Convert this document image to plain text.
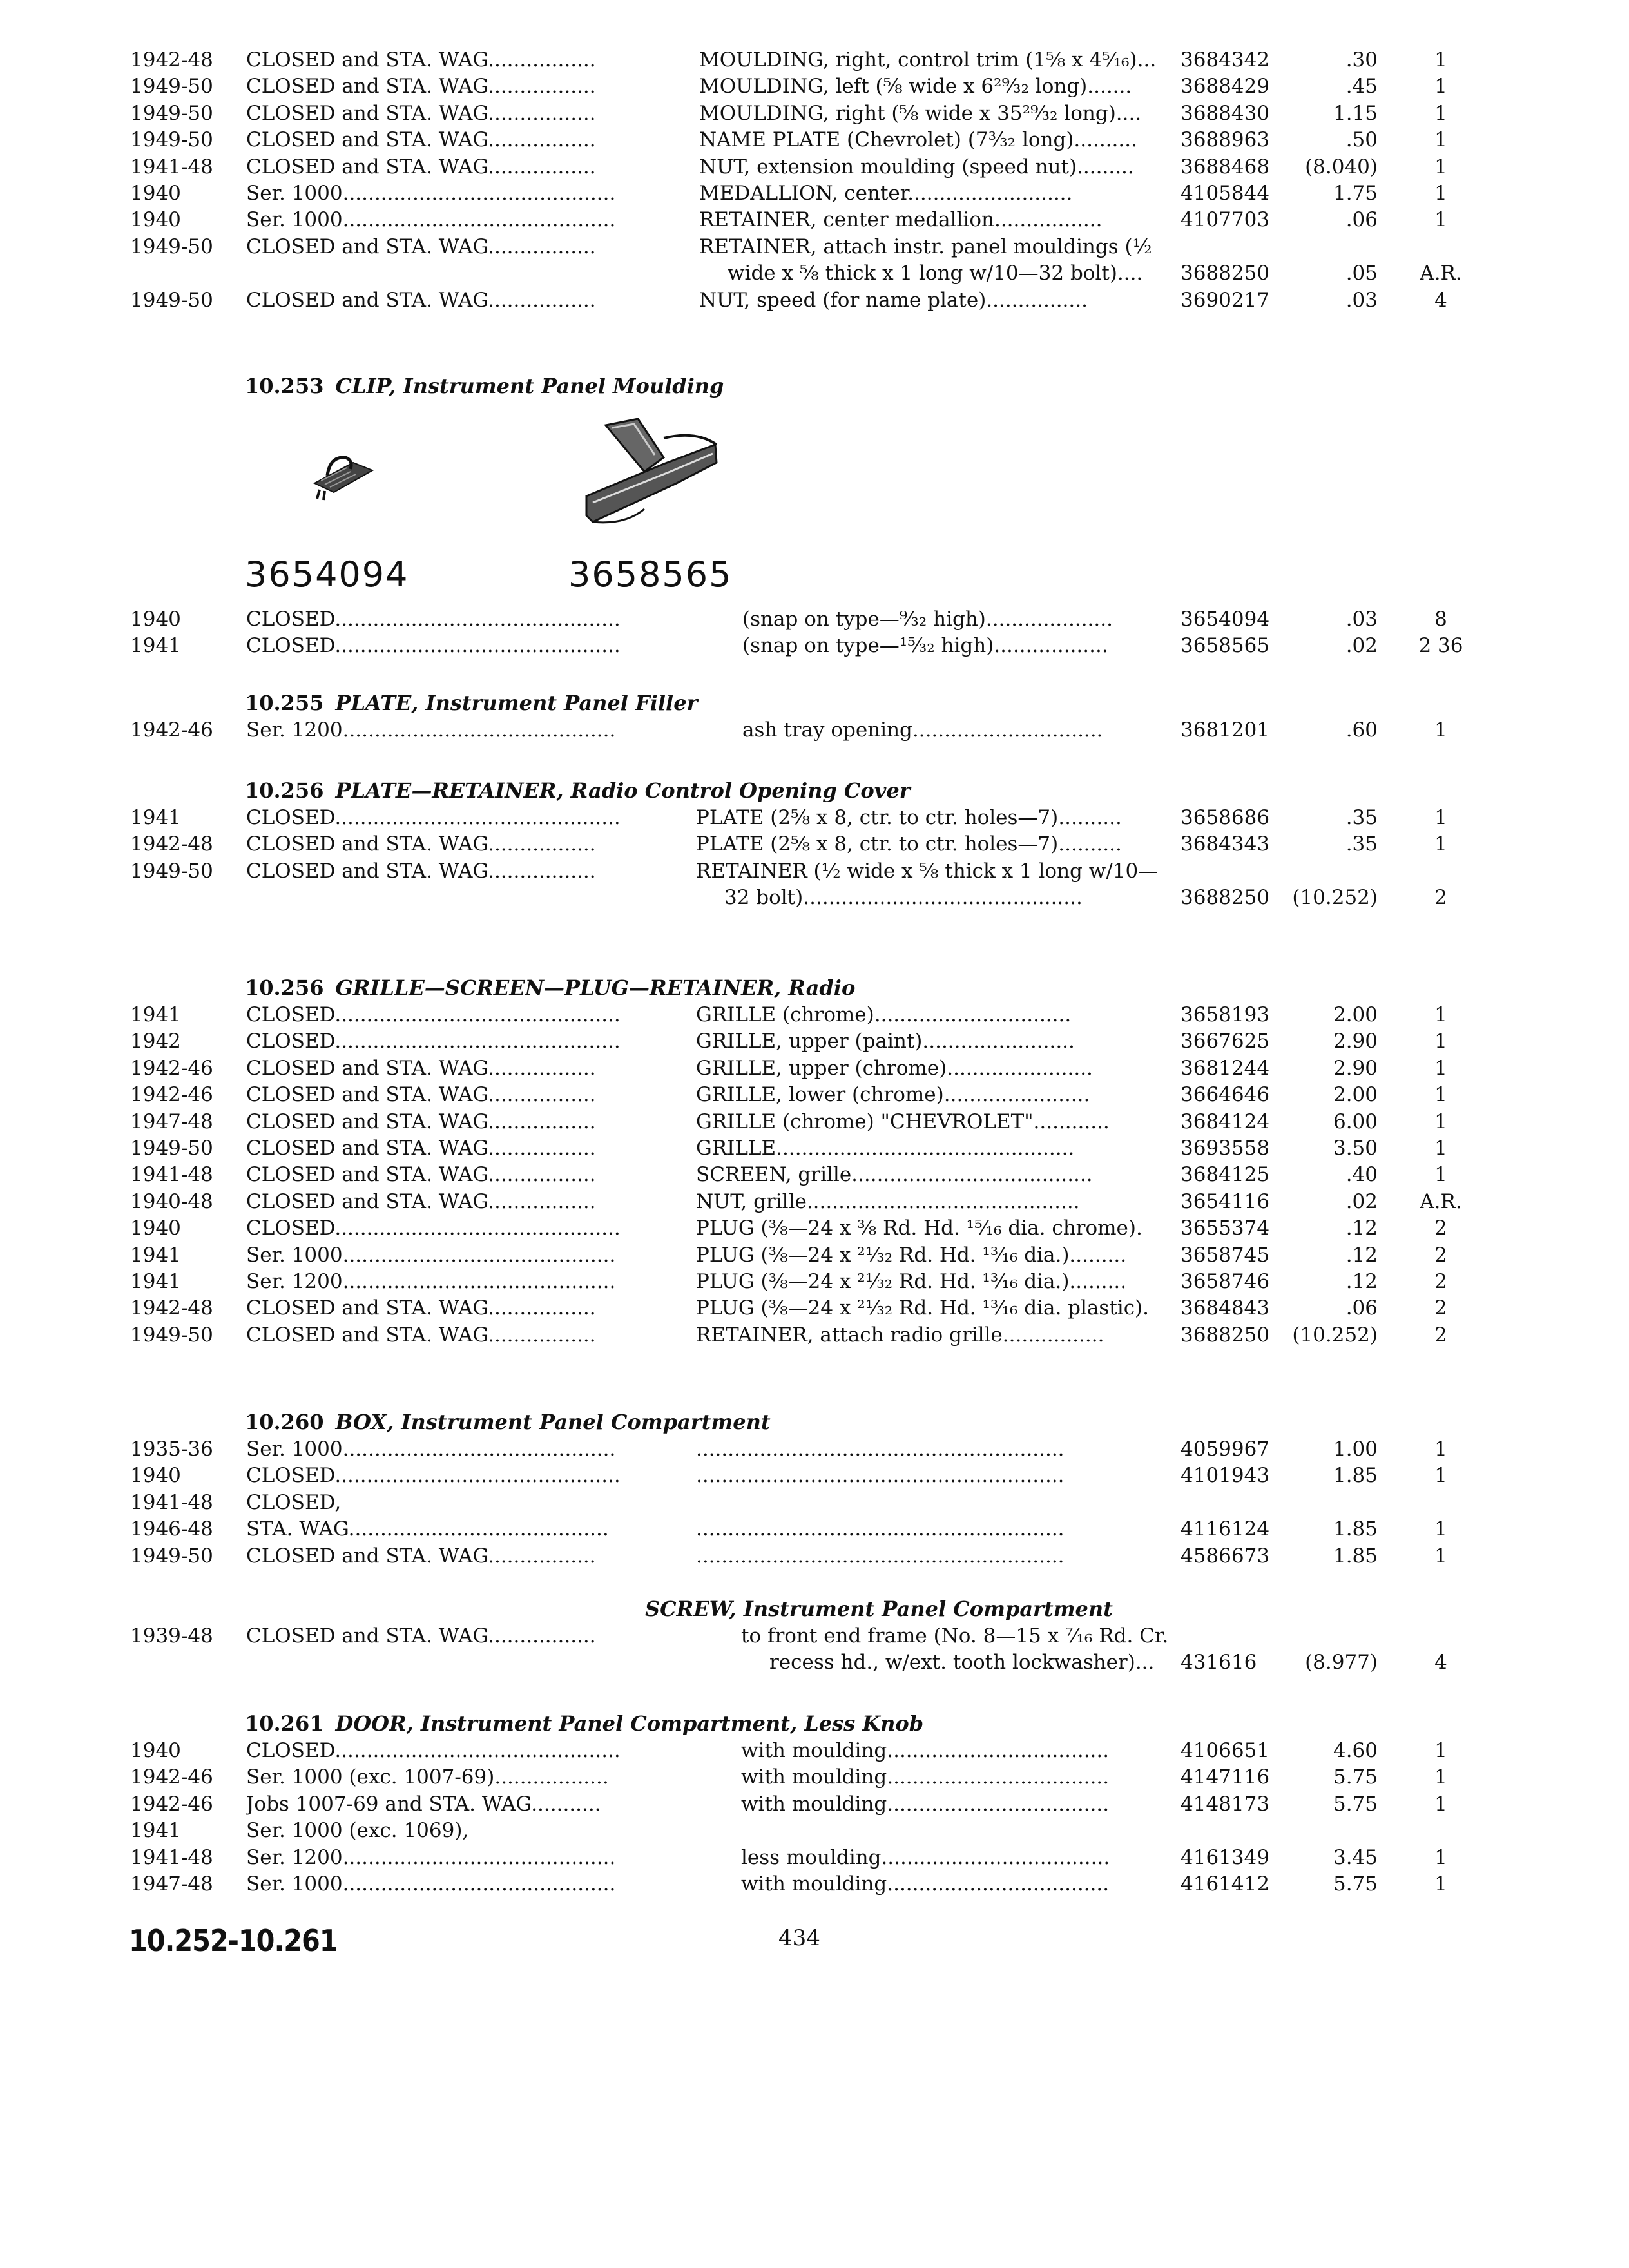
1942-48 CLOSED and STA. WAG.................	MOULDING, right, control trim (1⅝ x 4⁵⁄₁₆)...	3684342	.30	1
1949-50 CLOSED and STA. WAG.................	MOULDING, left (⅝ wide x 6²⁹⁄₃₂ long).......	3688429	.45	1
1949-50 CLOSED and STA. WAG.................	MOULDING, right (⅝ wide x 35²⁹⁄₃₂ long)....	3688430	1.15	1
1949-50 CLOSED and STA. WAG.................	NAME PLATE (Chevrolet) (7³⁄₃₂ long)..........	3688963	.50	1
1941-48 CLOSED and STA. WAG.................	NUT, extension moulding (speed nut).........	3688468	(8.040)	1
1940	Ser. 1000...........................................	MEDALLION, center..........................	4105844	1.75	1
1940	Ser. 1000...........................................	RETAINER, center medallion.................	4107703	.06	1
1949-50 CLOSED and STA. WAG.................	RETAINER, attach instr. panel mouldings (½
wide x ⅝ thick x 1 long w/10—32 bolt)....	3688250	.05	A.R.
1949-50 CLOSED and STA. WAG.................	NUT, speed (for name plate)................	3690217	.03	4
10.253 CLIP, Instrument Panel Moulding
3654094	3658565
1940	CLOSED.............................................	(snap on type—⁹⁄₃₂ high)....................	3654094	.03	8
1941	CLOSED.............................................	(snap on type—¹⁵⁄₃₂ high)..................	3658565	.02	2 36
10.255 PLATE, Instrument Panel Filler
1942-46 Ser. 1200...........................................	ash tray opening..............................	3681201	.60	1
10.256 PLATE—RETAINER, Radio Control Opening Cover
1941	CLOSED.............................................	PLATE (2⅝ x 8, ctr. to ctr. holes—7)..........	3658686	.35	1
1942-48 CLOSED and STA. WAG.................	PLATE (2⅝ x 8, ctr. to ctr. holes—7)..........	3684343	.35	1
1949-50 CLOSED and STA. WAG.................	RETAINER (½ wide x ⅝ thick x 1 long w/10—
32 bolt)............................................	3688250	(10.252)	2
10.256 GRILLE—SCREEN—PLUG—RETAINER, Radio
1941	CLOSED.............................................	GRILLE (chrome)...............................	3658193	2.00	1
1942	CLOSED.............................................	GRILLE, upper (paint)........................	3667625	2.90	1
1942-46 CLOSED and STA. WAG.................	GRILLE, upper (chrome).......................	3681244	2.90	1
1942-46 CLOSED and STA. WAG.................	GRILLE, lower (chrome).......................	3664646	2.00	1
1947-48 CLOSED and STA. WAG.................	GRILLE (chrome) "CHEVROLET"............	3684124	6.00	1
1949-50 CLOSED and STA. WAG.................	GRILLE...............................................	3693558	3.50	1
1941-48 CLOSED and STA. WAG.................	SCREEN, grille......................................	3684125	.40	1
1940-48 CLOSED and STA. WAG.................	NUT, grille...........................................	3654116	.02	A.R.
1940	CLOSED.............................................	PLUG (⅜—24 x ⅜ Rd. Hd. ¹⁵⁄₁₆ dia. chrome).	3655374	.12	2
1941	Ser. 1000...........................................	PLUG (⅜—24 x ²¹⁄₃₂ Rd. Hd. ¹³⁄₁₆ dia.).........	3658745	.12	2
1941	Ser. 1200...........................................	PLUG (⅜—24 x ²¹⁄₃₂ Rd. Hd. ¹³⁄₁₆ dia.).........	3658746	.12	2
1942-48 CLOSED and STA. WAG.................	PLUG (⅜—24 x ²¹⁄₃₂ Rd. Hd. ¹³⁄₁₆ dia. plastic).	3684843	.06	2
1949-50 CLOSED and STA. WAG.................	RETAINER, attach radio grille................	3688250	(10.252)	2
10.260 BOX, Instrument Panel Compartment
1935-36 Ser. 1000...........................................	..........................................................	4059967	1.00	1
1940	CLOSED.............................................	..........................................................	4101943	1.85	1
1941-48 CLOSED,
1946-48 STA. WAG.........................................	..........................................................	4116124	1.85	1
1949-50 CLOSED and STA. WAG.................	..........................................................	4586673	1.85	1
SCREW, Instrument Panel Compartment
1939-48 CLOSED and STA. WAG.................	to front end frame (No. 8—15 x ⁷⁄₁₆ Rd. Cr.
recess hd., w/ext. tooth lockwasher)...	431616	(8.977)	4
10.261 DOOR, Instrument Panel Compartment, Less Knob
1940	CLOSED.............................................	with moulding...................................	4106651	4.60	1
1942-46 Ser. 1000 (exc. 1007-69)..................	with moulding...................................	4147116	5.75	1
1942-46 Jobs 1007-69 and STA. WAG...........	with moulding...................................	4148173	5.75	1
1941	Ser. 1000 (exc. 1069),
1941-48 Ser. 1200...........................................	less moulding....................................	4161349	3.45	1
1947-48 Ser. 1000...........................................	with moulding...................................	4161412	5.75	1
10.252-10.261	434
